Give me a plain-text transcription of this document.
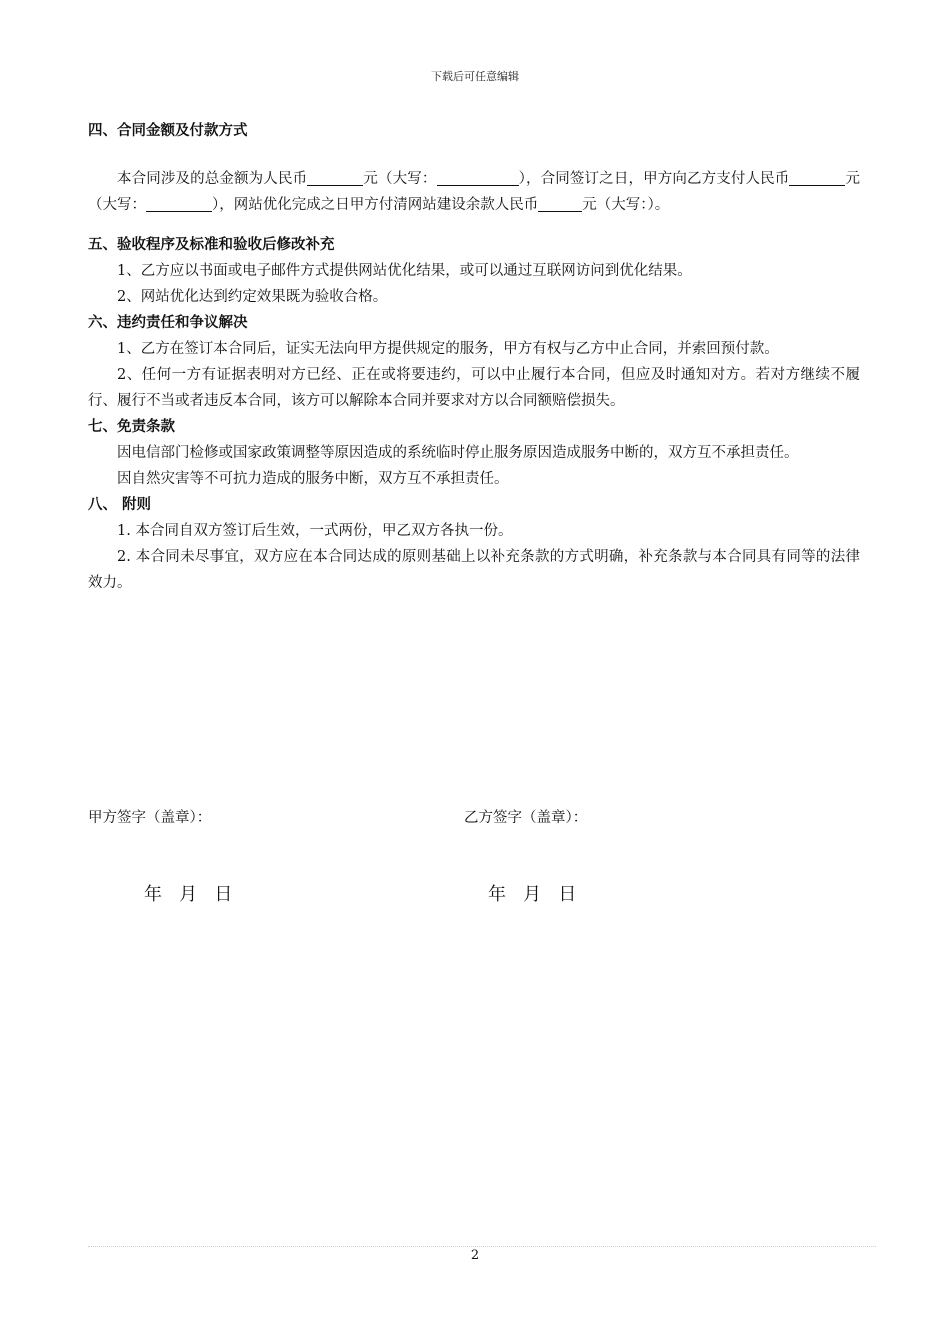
下载后可任意编辑
四、合同金额及付款方式
本合同涉及的总金额为人民币	元（大写：	），合同签订之日，甲方向乙方支付人民币	元（大写：	），网站优化完成之日甲方付清网站建设余款人民币	元（大写：）。
五、验收程序及标准和验收后修改补充
1、乙方应以书面或电子邮件方式提供网站优化结果，或可以通过互联网访问到优化结果。
2、网站优化达到约定效果既为验收合格。
六、违约责任和争议解决
1、乙方在签订本合同后，证实无法向甲方提供规定的服务，甲方有权与乙方中止合同，并索回预付款。
2、任何一方有证据表明对方已经、正在或将要违约，可以中止履行本合同，但应及时通知对方。若对方继续不履行、履行不当或者违反本合同，该方可以解除本合同并要求对方以合同额赔偿损失。
七、免责条款
因电信部门检修或国家政策调整等原因造成的系统临时停止服务原因造成服务中断的，双方互不承担责任。
因自然灾害等不可抗力造成的服务中断，双方互不承担责任。
八、 附则
1. 本合同自双方签订后生效，一式两份，甲乙双方各执一份。
2. 本合同未尽事宜，双方应在本合同达成的原则基础上以补充条款的方式明确，补充条款与本合同具有同等的法律效力。
甲方签字（盖章）：	乙方签字（盖章）：
年   月   日	年   月   日
2
